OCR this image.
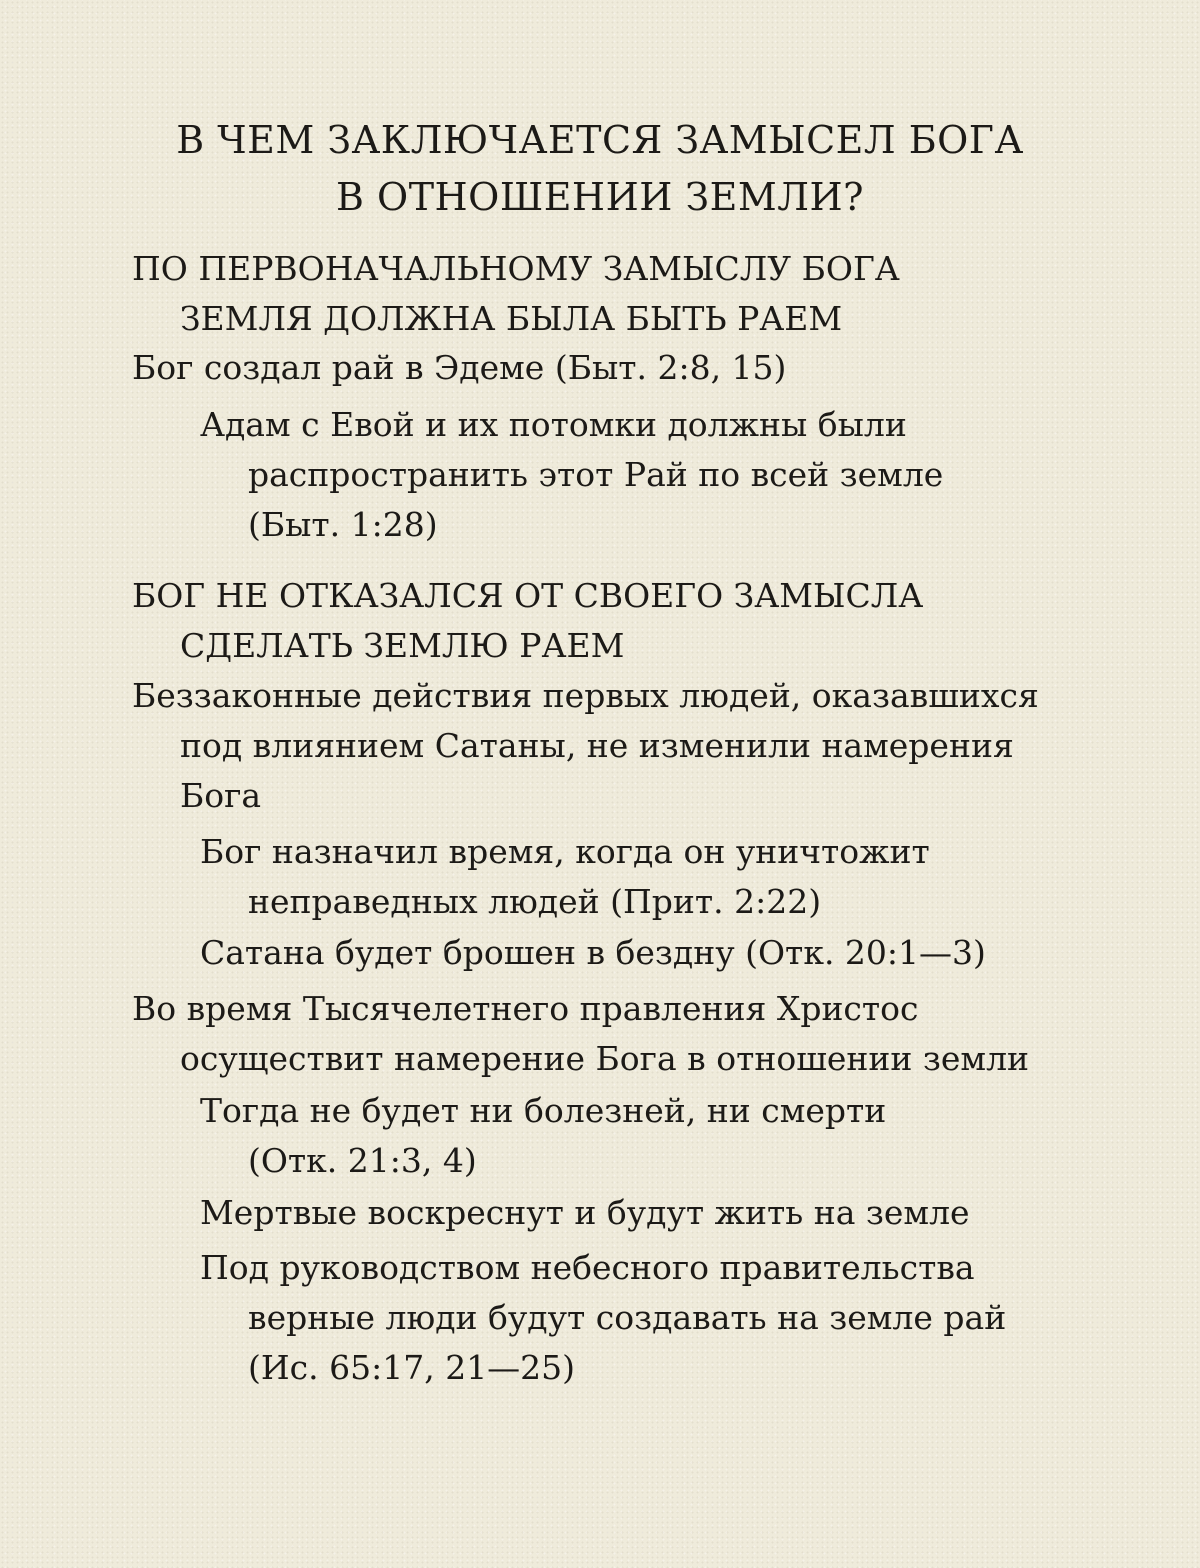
В ЧЕМ ЗАКЛЮЧАЕТСЯ ЗАМЫСЕЛ БОГА
В ОТНОШЕНИИ ЗЕМЛИ?
ПО ПЕРВОНАЧАЛЬНОМУ ЗАМЫСЛУ БОГА
ЗЕМЛЯ ДОЛЖНА БЫЛА БЫТЬ РАЕМ

Бог создал рай в Эдеме (Быт. 2:8, 15)

Адам с Евой и их потомки должны были
распространить этот Рай по всей земле
(Быт. 1:28)

БОГ НЕ ОТКАЗАЛСЯ ОТ СВОЕГО ЗАМЫСЛА
СДЕЛАТЬ ЗЕМЛЮ РАЕМ

Беззаконные действия первых людей, оказавшихся
под влиянием Сатаны, не изменили намерения
Бога

Бог назначил время, когда он уничтожит
неправедных людей (Прит. 2:22)

Сатана будет брошен в бездну (Отк. 20:1—3)

Во время Тысячелетнего правления Христос
осуществит намерение Бога в отношении земли

Тогда не будет ни болезней, ни смерти
(Отк. 21:3, 4)

Мертвые воскреснут и будут жить на земле

Под руководством небесного правительства
верные люди будут создавать на земле рай
(Ис. 65:17, 21—25)
